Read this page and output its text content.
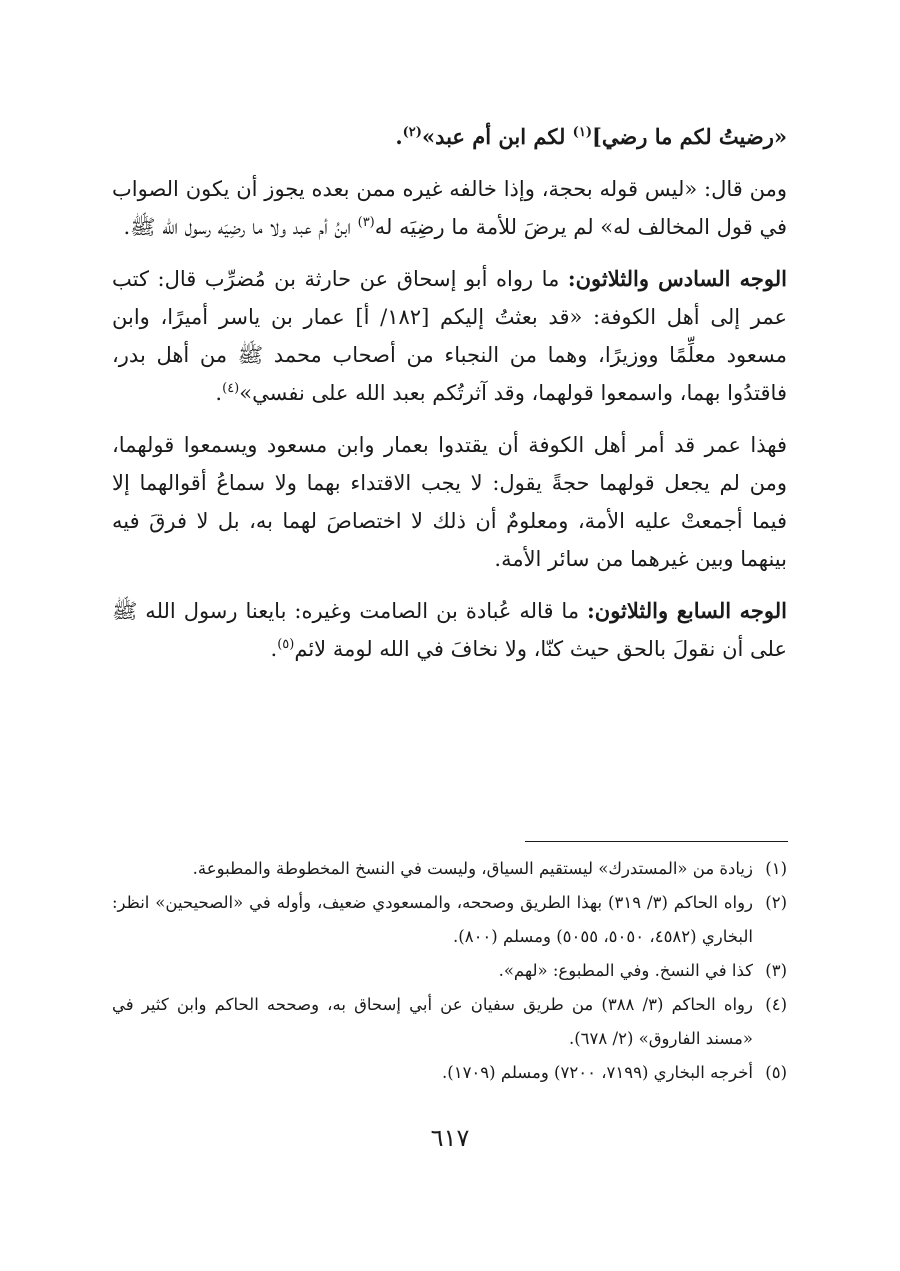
«رضيتُ لكم ما رضي]$^{(١)}$ لكم ابن أم عبد»$^{(٢)}$.

ومن قال: «ليس قوله بحجة، وإذا خالفه غيره ممن بعده يجوز أن يكون الصواب في قول المخالف له» لم يرضَ للأمة ما رضِيَه له$^{(٣)}$ ابنُ أم عبد ولا ما رضِيَه رسول الله ﷺ.

الوجه السادس والثلاثون: ما رواه أبو إسحاق عن حارثة بن مُضرِّب قال: كتب عمر إلى أهل الكوفة: «قد بعثتُ إليكم [١٨٢/ أ] عمار بن ياسر أميرًا، وابن مسعود معلِّمًا ووزيرًا، وهما من النجباء من أصحاب محمد ﷺ من أهل بدر، فاقتدُوا بهما، واسمعوا قولهما، وقد آثرتُكم بعبد الله على نفسي»$^{(٤)}$.

فهذا عمر قد أمر أهل الكوفة أن يقتدوا بعمار وابن مسعود ويسمعوا قولهما، ومن لم يجعل قولهما حجةً يقول: لا يجب الاقتداء بهما ولا سماعُ أقوالهما إلا فيما أجمعتْ عليه الأمة، ومعلومٌ أن ذلك لا اختصاصَ لهما به، بل لا فرقَ فيه بينهما وبين غيرهما من سائر الأمة.

الوجه السابع والثلاثون: ما قاله عُبادة بن الصامت وغيره: بايعنا رسول الله ﷺ على أن نقولَ بالحق حيث كنّا، ولا نخافَ في الله لومة لائم$^{(٥)}$.

(١)
زيادة من «المستدرك» ليستقيم السياق، وليست في النسخ المخطوطة والمطبوعة.
(٢)
رواه الحاكم (٣/ ٣١٩) بهذا الطريق وصححه، والمسعودي ضعيف، وأوله في «الصحيحين» انظر: البخاري (٤٥٨٢، ٥٠٥٠، ٥٠٥٥) ومسلم (٨٠٠).
(٣)
كذا في النسخ. وفي المطبوع: «لهم».
(٤)
رواه الحاكم (٣/ ٣٨٨) من طريق سفيان عن أبي إسحاق به، وصححه الحاكم وابن كثير في «مسند الفاروق» (٢/ ٦٧٨).
(٥)
أخرجه البخاري (٧١٩٩، ٧٢٠٠) ومسلم (١٧٠٩).
٦١٧
